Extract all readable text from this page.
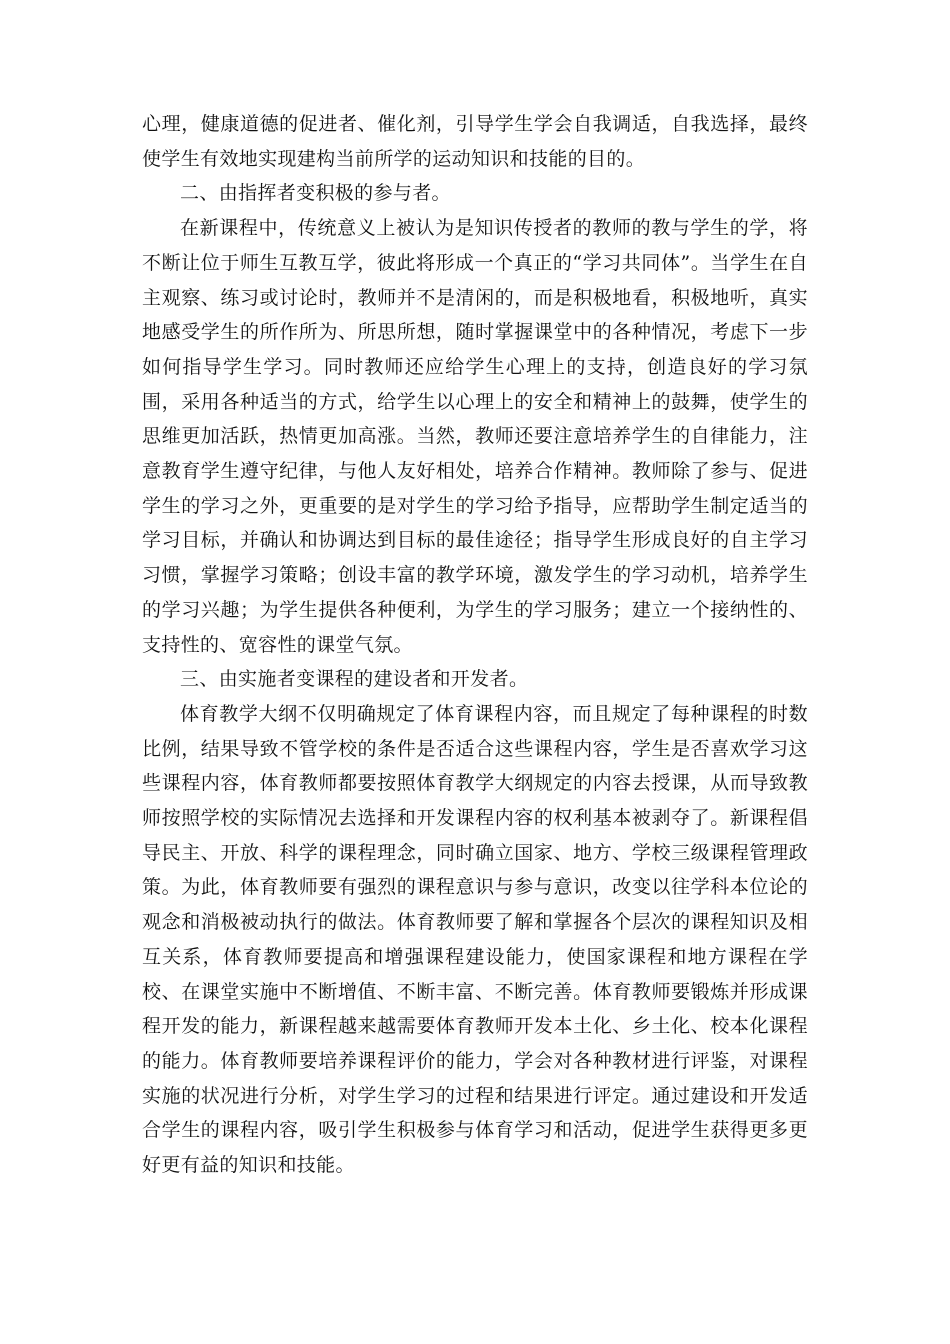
心理，健康道德的促进者、催化剂，引导学生学会自我调适，自我选择，最终使学生有效地实现建构当前所学的运动知识和技能的目的。

二、由指挥者变积极的参与者。

在新课程中，传统意义上被认为是知识传授者的教师的教与学生的学，将不断让位于师生互教互学，彼此将形成一个真正的“学习共同体”。当学生在自主观察、练习或讨论时，教师并不是清闲的，而是积极地看，积极地听，真实地感受学生的所作所为、所思所想，随时掌握课堂中的各种情况，考虑下一步如何指导学生学习。同时教师还应给学生心理上的支持，创造良好的学习氛围，采用各种适当的方式，给学生以心理上的安全和精神上的鼓舞，使学生的思维更加活跃，热情更加高涨。当然，教师还要注意培养学生的自律能力，注意教育学生遵守纪律，与他人友好相处，培养合作精神。教师除了参与、促进学生的学习之外，更重要的是对学生的学习给予指导，应帮助学生制定适当的学习目标，并确认和协调达到目标的最佳途径；指导学生形成良好的自主学习习惯，掌握学习策略；创设丰富的教学环境，激发学生的学习动机，培养学生的学习兴趣；为学生提供各种便利，为学生的学习服务；建立一个接纳性的、支持性的、宽容性的课堂气氛。

三、由实施者变课程的建设者和开发者。

体育教学大纲不仅明确规定了体育课程内容，而且规定了每种课程的时数比例，结果导致不管学校的条件是否适合这些课程内容，学生是否喜欢学习这些课程内容，体育教师都要按照体育教学大纲规定的内容去授课，从而导致教师按照学校的实际情况去选择和开发课程内容的权利基本被剥夺了。新课程倡导民主、开放、科学的课程理念，同时确立国家、地方、学校三级课程管理政策。为此，体育教师要有强烈的课程意识与参与意识，改变以往学科本位论的观念和消极被动执行的做法。体育教师要了解和掌握各个层次的课程知识及相互关系，体育教师要提高和增强课程建设能力，使国家课程和地方课程在学校、在课堂实施中不断增值、不断丰富、不断完善。体育教师要锻炼并形成课程开发的能力，新课程越来越需要体育教师开发本土化、乡土化、校本化课程的能力。体育教师要培养课程评价的能力，学会对各种教材进行评鉴，对课程实施的状况进行分析，对学生学习的过程和结果进行评定。通过建设和开发适合学生的课程内容，吸引学生积极参与体育学习和活动，促进学生获得更多更好更有益的知识和技能。
